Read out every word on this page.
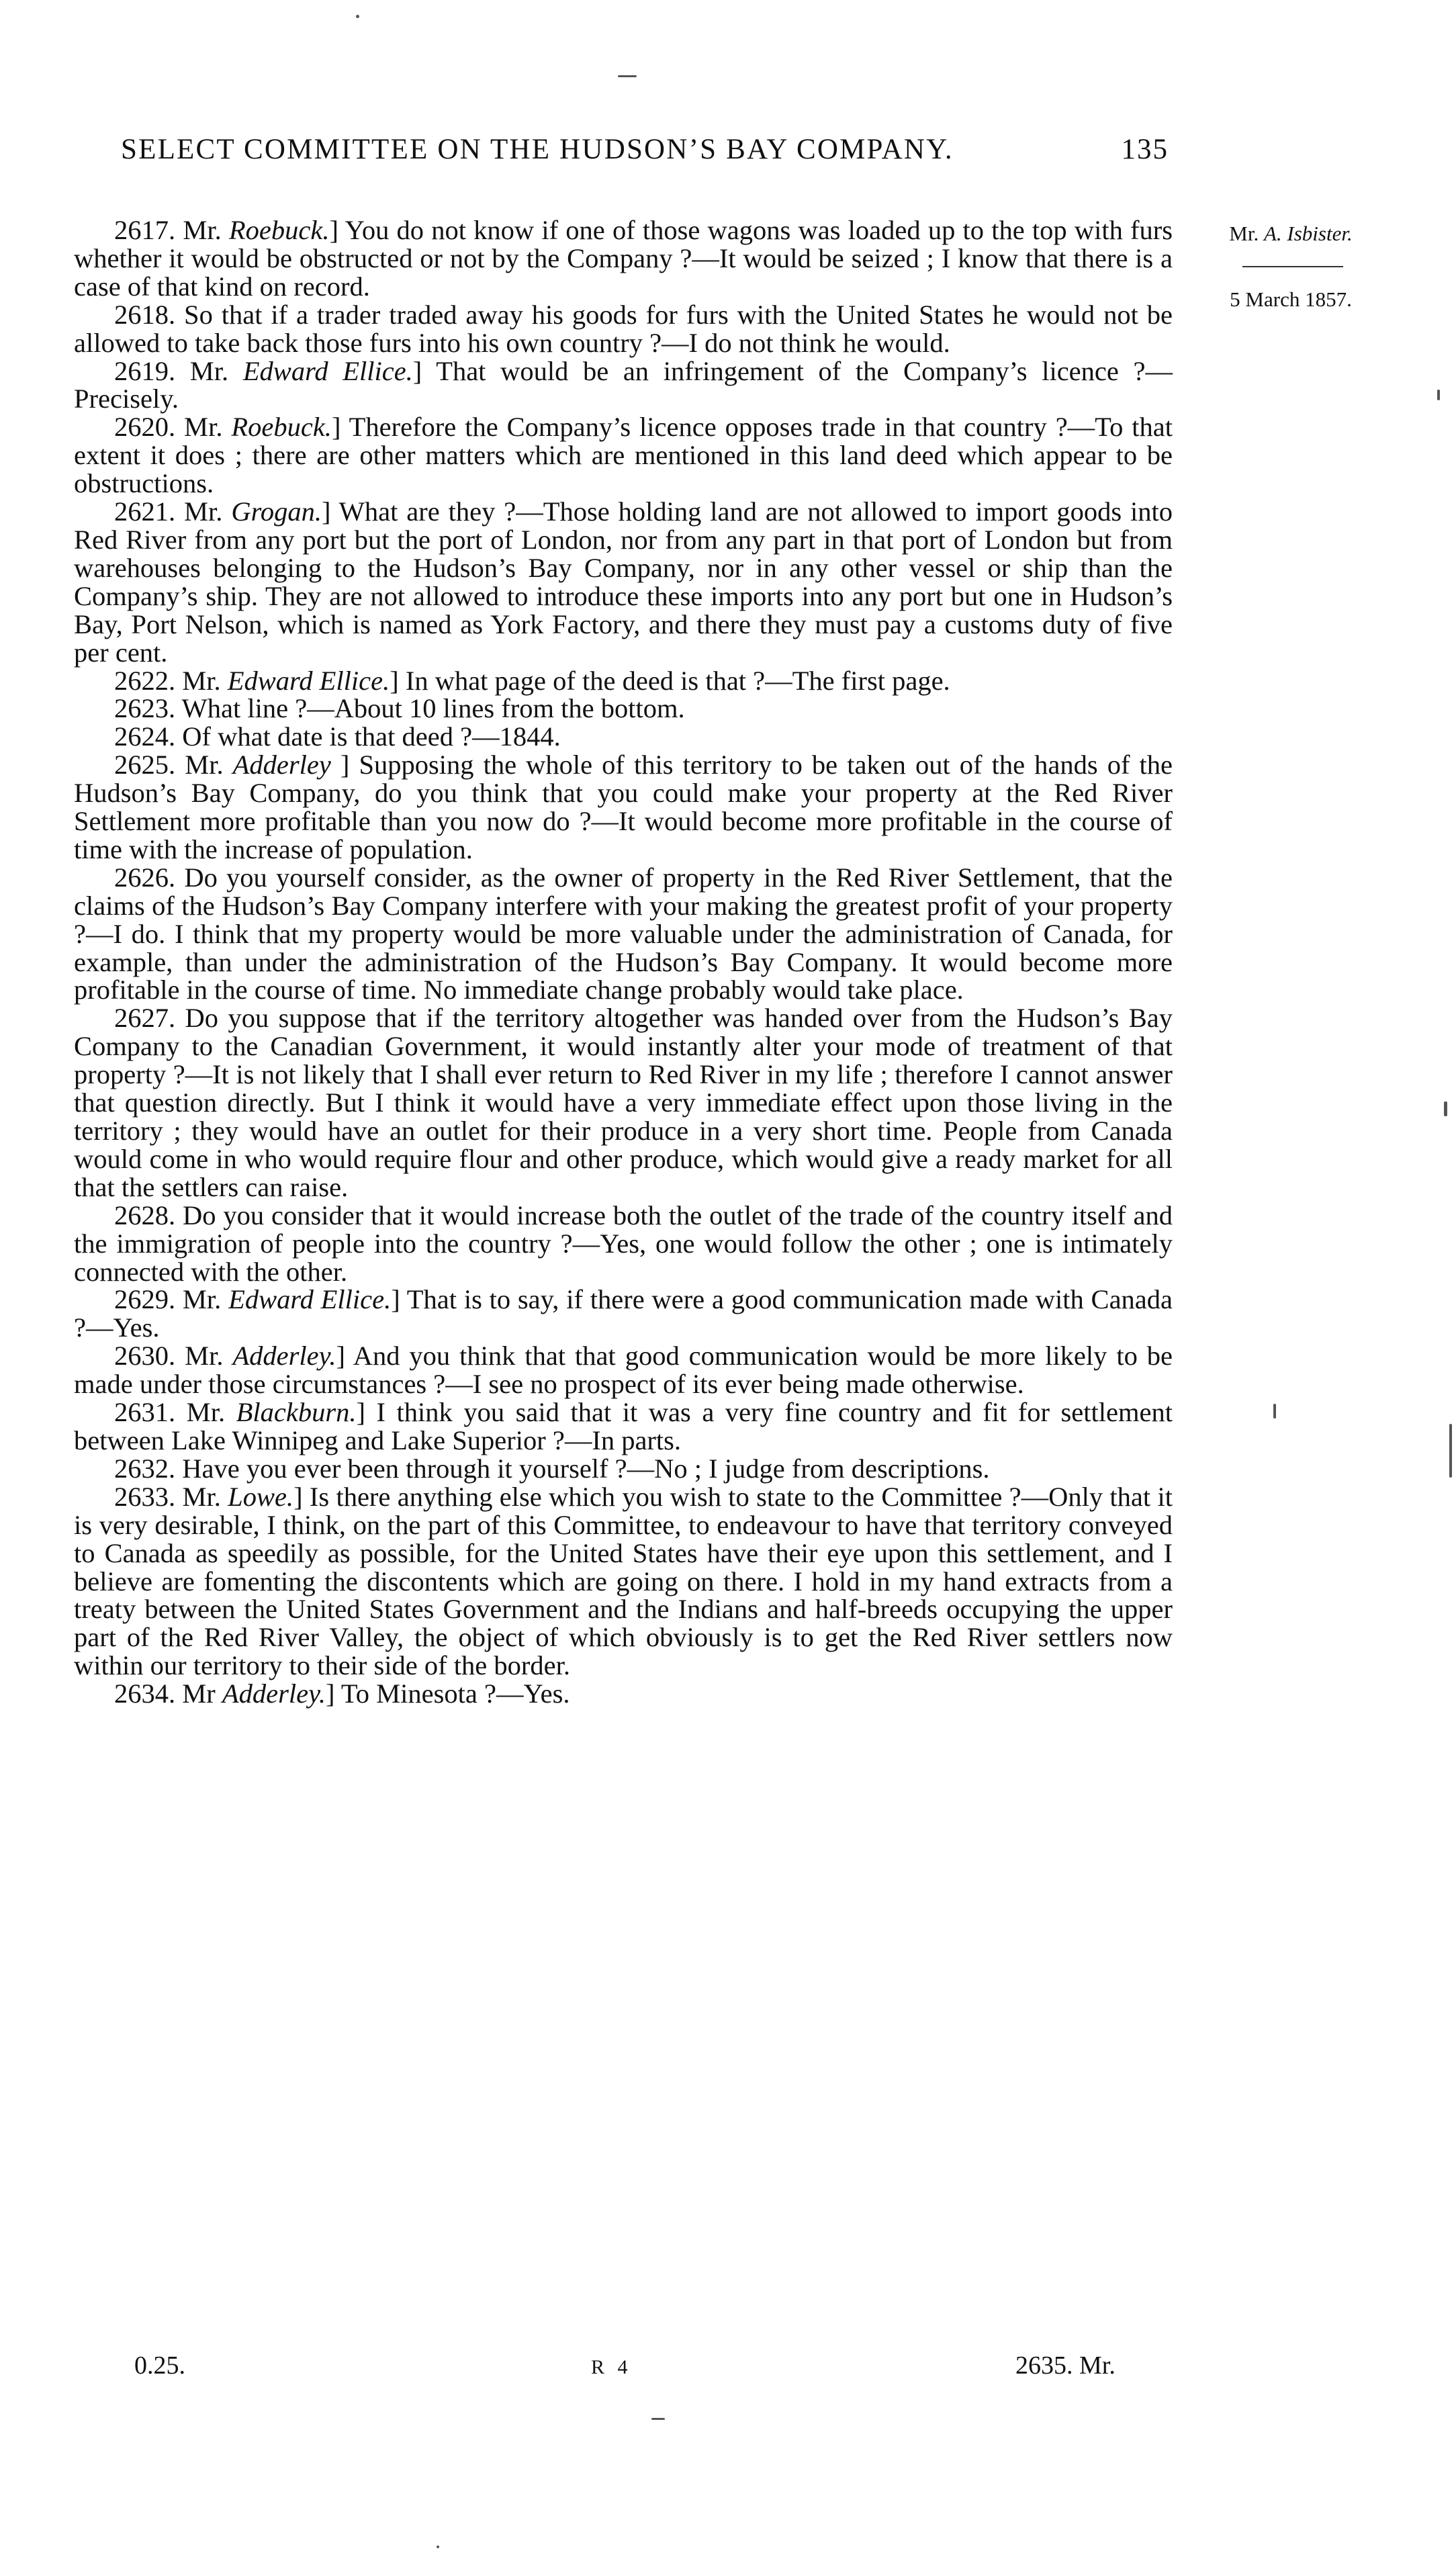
SELECT COMMITTEE ON THE HUDSON’S BAY COMPANY.	135
Mr. A. Isbister.
5 March 1857.

2617. Mr. Roebuck.] You do not know if one of those wagons was loaded up to the top with furs whether it would be obstructed or not by the Company ?—It would be seized ; I know that there is a case of that kind on record.

2618. So that if a trader traded away his goods for furs with the United States he would not be allowed to take back those furs into his own country ?—I do not think he would.

2619. Mr. Edward Ellice.] That would be an infringement of the Company’s licence ?—Precisely.

2620. Mr. Roebuck.] Therefore the Company’s licence opposes trade in that country ?—To that extent it does ; there are other matters which are mentioned in this land deed which appear to be obstructions.

2621. Mr. Grogan.] What are they ?—Those holding land are not allowed to import goods into Red River from any port but the port of London, nor from any part in that port of London but from warehouses belonging to the Hudson’s Bay Company, nor in any other vessel or ship than the Company’s ship. They are not allowed to introduce these imports into any port but one in Hudson’s Bay, Port Nelson, which is named as York Factory, and there they must pay a customs duty of five per cent.

2622. Mr. Edward Ellice.] In what page of the deed is that ?—The first page.

2623. What line ?—About 10 lines from the bottom.

2624. Of what date is that deed ?—1844.

2625. Mr. Adderley ] Supposing the whole of this territory to be taken out of the hands of the Hudson’s Bay Company, do you think that you could make your property at the Red River Settlement more profitable than you now do ?—It would become more profitable in the course of time with the increase of population.

2626. Do you yourself consider, as the owner of property in the Red River Settlement, that the claims of the Hudson’s Bay Company interfere with your making the greatest profit of your property ?—I do. I think that my property would be more valuable under the administration of Canada, for example, than under the administration of the Hudson’s Bay Company. It would become more profitable in the course of time. No immediate change probably would take place.

2627. Do you suppose that if the territory altogether was handed over from the Hudson’s Bay Company to the Canadian Government, it would instantly alter your mode of treatment of that property ?—It is not likely that I shall ever return to Red River in my life ; therefore I cannot answer that question directly. But I think it would have a very immediate effect upon those living in the territory ; they would have an outlet for their produce in a very short time. People from Canada would come in who would require flour and other produce, which would give a ready market for all that the settlers can raise.

2628. Do you consider that it would increase both the outlet of the trade of the country itself and the immigration of people into the country ?—Yes, one would follow the other ; one is intimately connected with the other.

2629. Mr. Edward Ellice.] That is to say, if there were a good communication made with Canada ?—Yes.

2630. Mr. Adderley.] And you think that that good communication would be more likely to be made under those circumstances ?—I see no prospect of its ever being made otherwise.

2631. Mr. Blackburn.] I think you said that it was a very fine country and fit for settlement between Lake Winnipeg and Lake Superior ?—In parts.

2632. Have you ever been through it yourself ?—No ; I judge from descriptions.

2633. Mr. Lowe.] Is there anything else which you wish to state to the Committee ?—Only that it is very desirable, I think, on the part of this Committee, to endeavour to have that territory conveyed to Canada as speedily as possible, for the United States have their eye upon this settlement, and I believe are fomenting the discontents which are going on there. I hold in my hand extracts from a treaty between the United States Government and the Indians and half-breeds occupying the upper part of the Red River Valley, the object of which obviously is to get the Red River settlers now within our territory to their side of the border.

2634. Mr Adderley.] To Minesota ?—Yes.

0.25.	R 4	2635. Mr.
